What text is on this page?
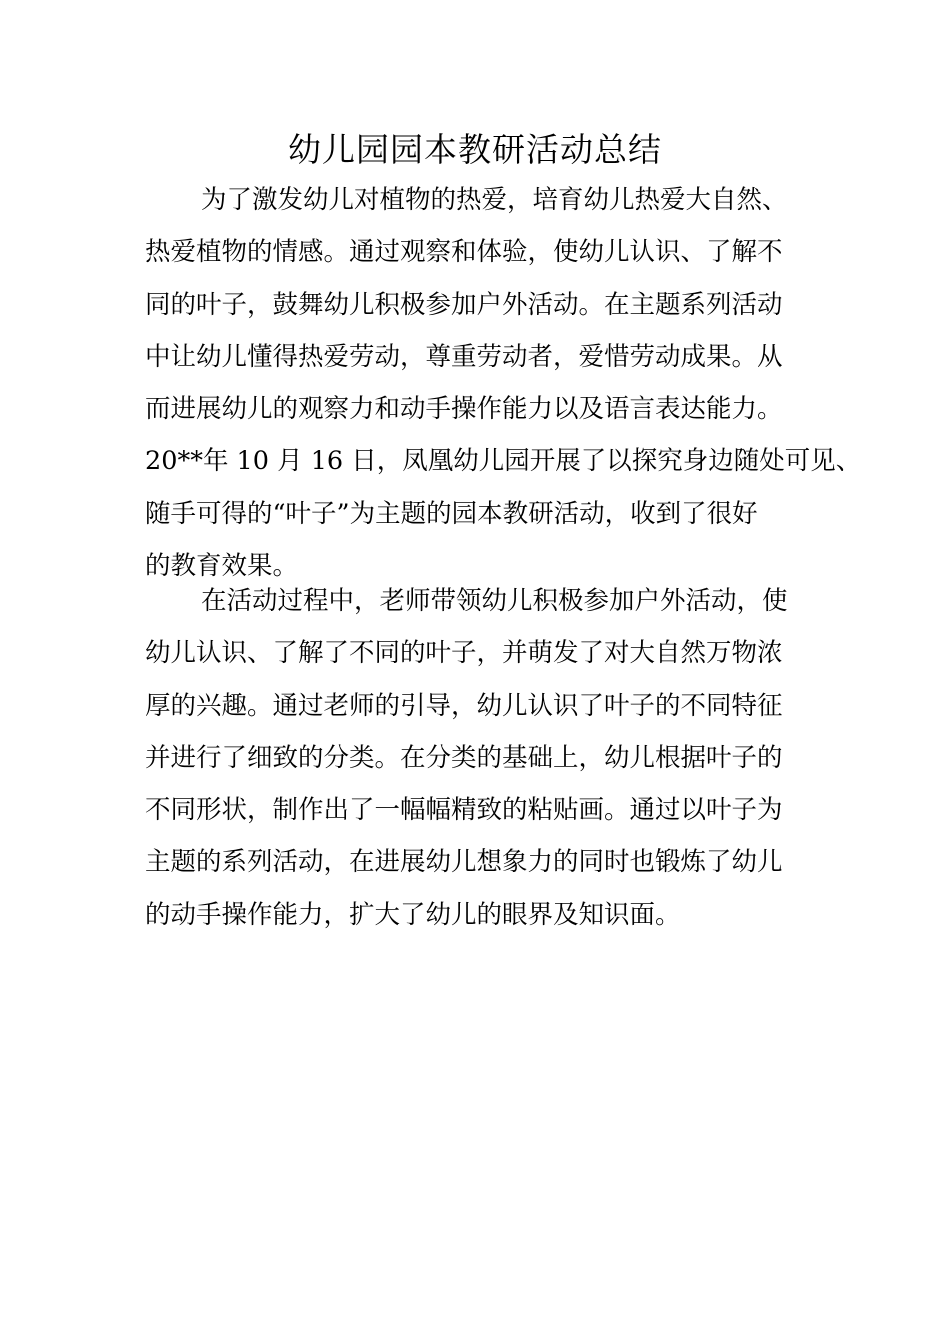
幼儿园园本教研活动总结
为了激发幼儿对植物的热爱，培育幼儿热爱大自然、
热爱植物的情感。通过观察和体验，使幼儿认识、了解不
同的叶子，鼓舞幼儿积极参加户外活动。在主题系列活动
中让幼儿懂得热爱劳动，尊重劳动者，爱惜劳动成果。从
而进展幼儿的观察力和动手操作能力以及语言表达能力。
20**年 10 月 16 日，凤凰幼儿园开展了以探究身边随处可见、
随手可得的“叶子”为主题的园本教研活动，收到了很好
的教育效果。
在活动过程中，老师带领幼儿积极参加户外活动，使
幼儿认识、了解了不同的叶子，并萌发了对大自然万物浓
厚的兴趣。通过老师的引导，幼儿认识了叶子的不同特征
并进行了细致的分类。在分类的基础上，幼儿根据叶子的
不同形状，制作出了一幅幅精致的粘贴画。通过以叶子为
主题的系列活动，在进展幼儿想象力的同时也锻炼了幼儿
的动手操作能力，扩大了幼儿的眼界及知识面。
